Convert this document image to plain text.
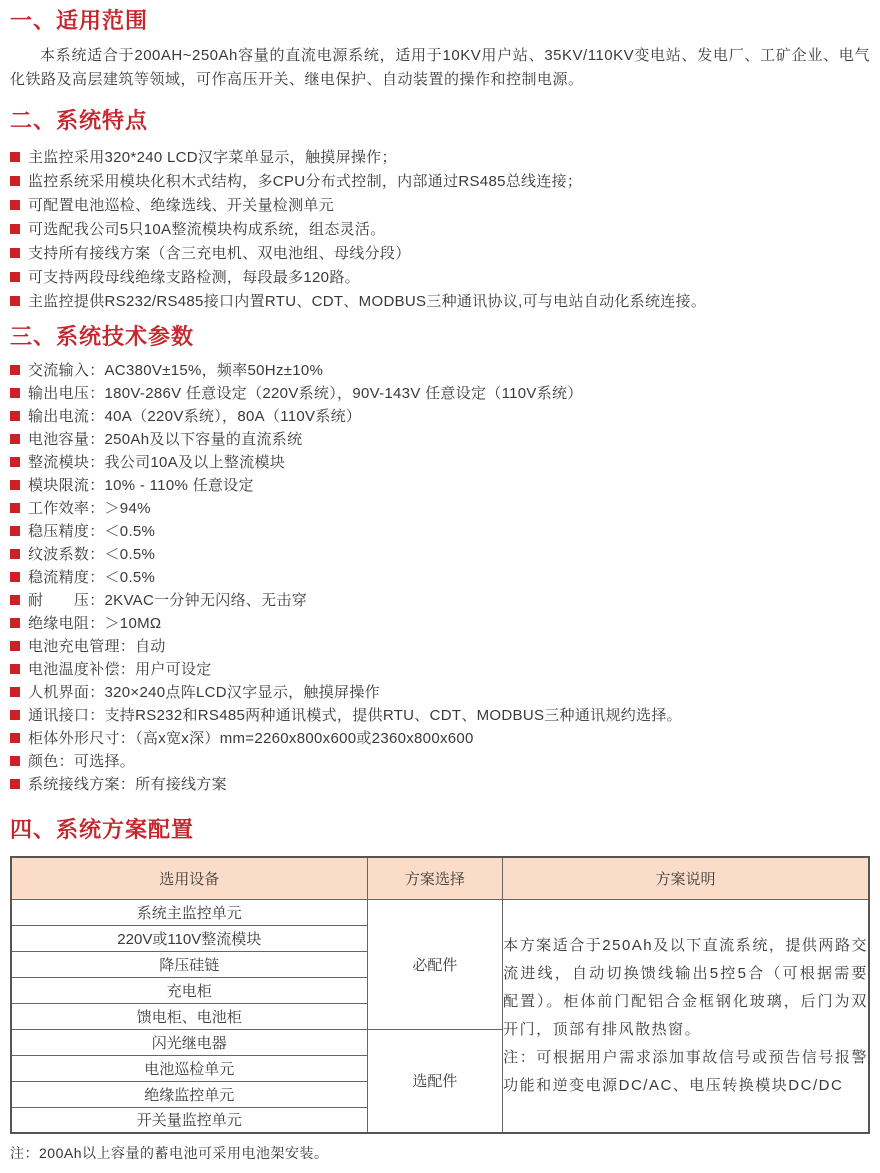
一、适用范围

本系统适合于200AH~250Ah容量的直流电源系统，适用于10KV用户站、35KV/110KV变电站、发电厂、工矿企业、电气化铁路及高层建筑等领域，可作高压开关、继电保护、自动装置的操作和控制电源。

二、系统特点
主监控采用320*240 LCD汉字菜单显示，触摸屏操作；
监控系统采用模块化积木式结构，多CPU分布式控制，内部通过RS485总线连接；
可配置电池巡检、绝缘选线、开关量检测单元
可选配我公司5只10A整流模块构成系统，组态灵活。
支持所有接线方案（含三充电机、双电池组、母线分段）
可支持两段母线绝缘支路检测，每段最多120路。
主监控提供RS232/RS485接口内置RTU、CDT、MODBUS三种通讯协议,可与电站自动化系统连接。
三、系统技术参数
交流输入：AC380V±15%，频率50Hz±10%
输出电压：180V-286V 任意设定（220V系统），90V-143V 任意设定（110V系统）
输出电流：40A（220V系统），80A（110V系统）
电池容量：250Ah及以下容量的直流系统
整流模块：我公司10A及以上整流模块
模块限流：10% - 110% 任意设定
工作效率：＞94%
稳压精度：＜0.5%
纹波系数：＜0.5%
稳流精度：＜0.5%
耐　　压：2KVAC一分钟无闪络、无击穿
绝缘电阻：＞10MΩ
电池充电管理：自动
电池温度补偿：用户可设定
人机界面：320×240点阵LCD汉字显示，触摸屏操作
通讯接口：支持RS232和RS485两种通讯模式，提供RTU、CDT、MODBUS三种通讯规约选择。
柜体外形尺寸：（高x宽x深）mm=2260x800x600或2360x800x600
颜色：可选择。
系统接线方案：所有接线方案
四、系统方案配置
选用设备	方案选择	方案说明
系统主监控单元	必配件	本方案适合于250Ah及以下直流系统，提供两路交流进线，自动切换馈线输出5控5合（可根据需要配置）。柜体前门配铝合金框钢化玻璃，后门为双开门，顶部有排风散热窗。

注：可根据用户需求添加事故信号或预告信号报警功能和逆变电源DC/AC、电压转换模块DC/DC

220V或110V整流模块		
降压硅链		
充电柜		
馈电柜、电池柜		
闪光继电器	选配件	
电池巡检单元		
绝缘监控单元		
开关量监控单元		

注：200Ah以上容量的蓄电池可采用电池架安装。
